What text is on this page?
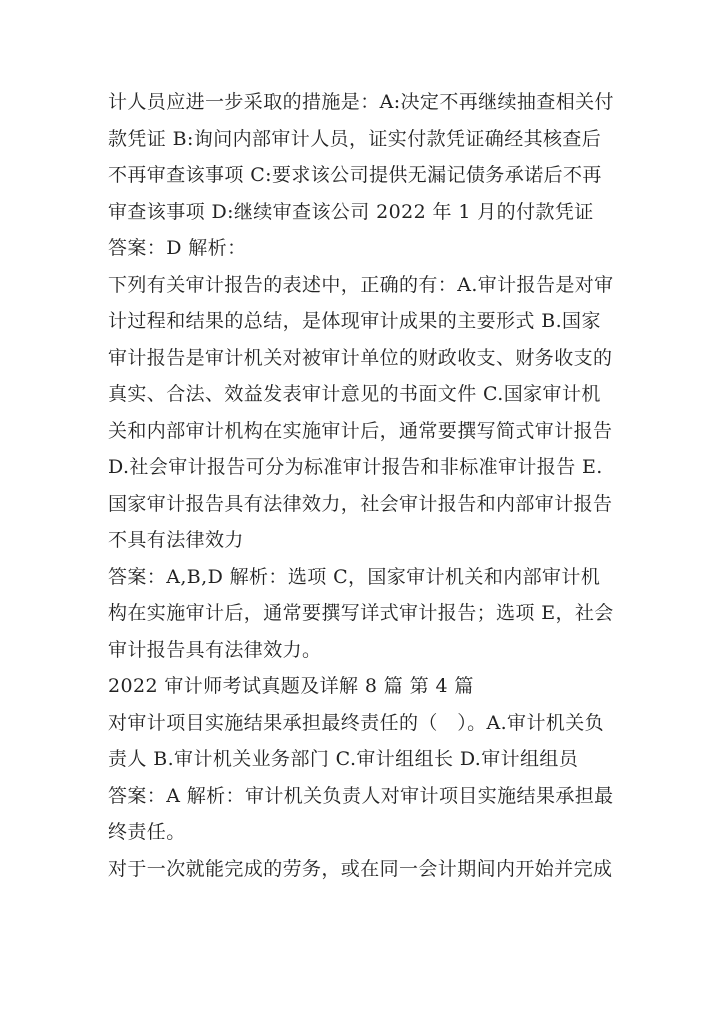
计人员应进一步采取的措施是：A:决定不再继续抽查相关付款凭证 B:询问内部审计人员，证实付款凭证确经其核查后不再审查该事项 C:要求该公司提供无漏记债务承诺后不再审查该事项 D:继续审查该公司 2022 年 1 月的付款凭证

答案：D 解析：

下列有关审计报告的表述中，正确的有：A.审计报告是对审计过程和结果的总结，是体现审计成果的主要形式 B.国家审计报告是审计机关对被审计单位的财政收支、财务收支的真实、合法、效益发表审计意见的书面文件 C.国家审计机关和内部审计机构在实施审计后，通常要撰写简式审计报告 D.社会审计报告可分为标准审计报告和非标准审计报告 E.国家审计报告具有法律效力，社会审计报告和内部审计报告不具有法律效力

答案：A,B,D 解析：选项 C，国家审计机关和内部审计机构在实施审计后，通常要撰写详式审计报告；选项 E，社会审计报告具有法律效力。

2022 审计师考试真题及详解 8 篇 第 4 篇

对审计项目实施结果承担最终责任的（　）。A.审计机关负责人 B.审计机关业务部门 C.审计组组长 D.审计组组员

答案：A 解析：审计机关负责人对审计项目实施结果承担最终责任。

对于一次就能完成的劳务，或在同一会计期间内开始并完成
